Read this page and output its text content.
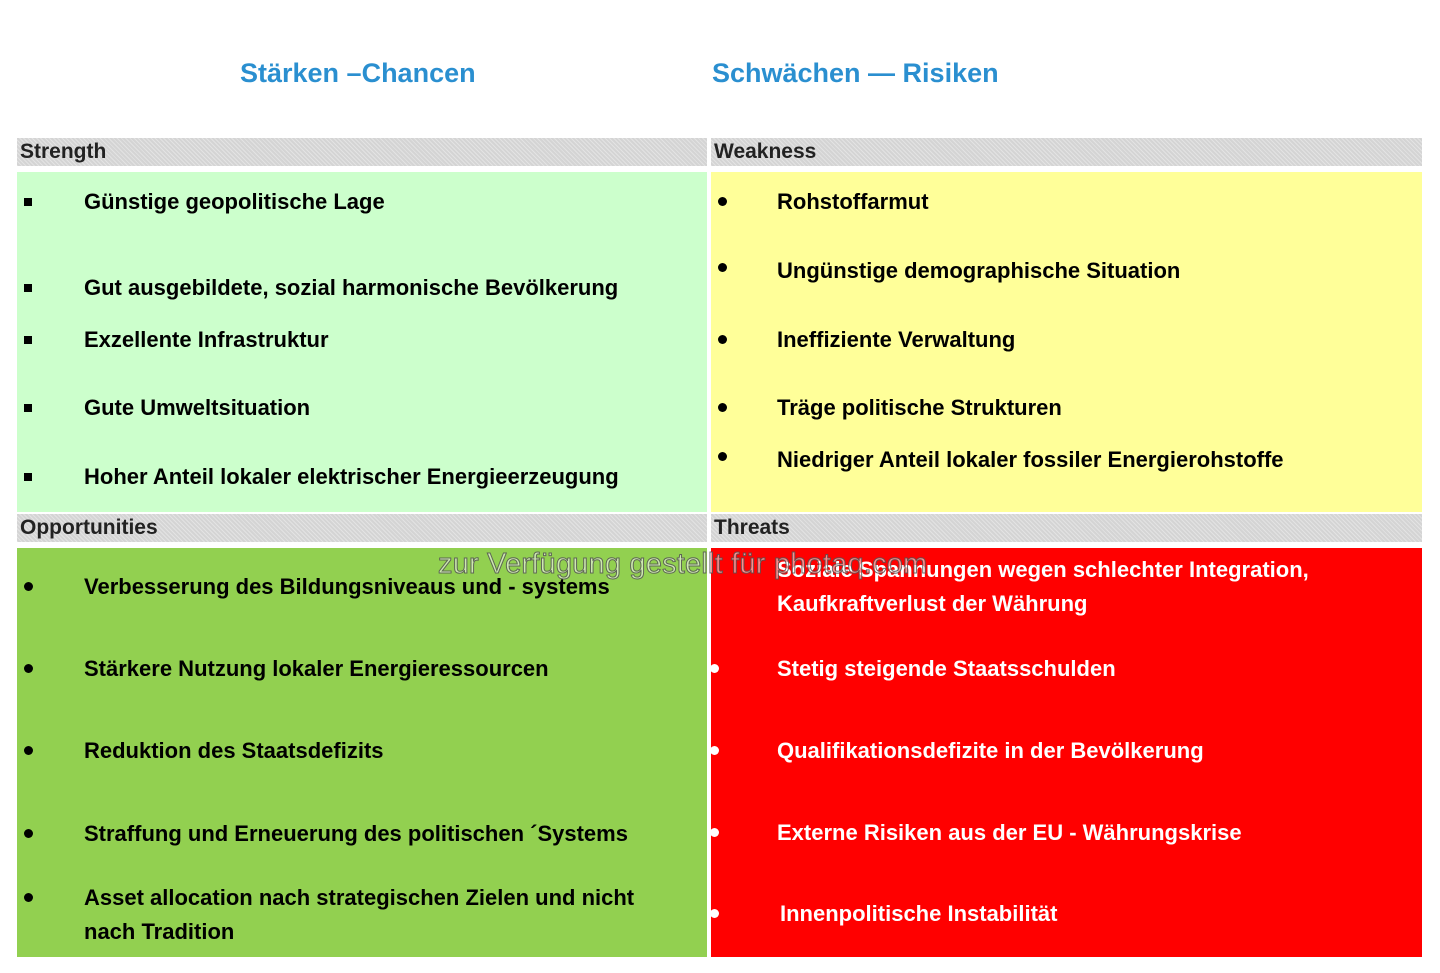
Stärken –Chancen	Schwächen — Risiken
Strength
Günstige geopolitische Lage
Gut ausgebildete, sozial harmonische Bevölkerung
Exzellente Infrastruktur
Gute Umweltsituation
Hoher Anteil lokaler elektrischer Energieerzeugung
Weakness
Rohstoffarmut
Ungünstige demographische Situation
Ineffiziente Verwaltung
Träge politische Strukturen
Niedriger Anteil lokaler fossiler Energierohstoffe
Opportunities
Verbesserung des Bildungsniveaus und - systems
Stärkere Nutzung lokaler Energieressourcen
Reduktion des Staatsdefizits
Straffung und Erneuerung des politischen ´Systems
Asset allocation nach strategischen Zielen und nicht
nach Tradition
Threats
Soziale Spannungen wegen schlechter Integration,
Kaufkraftverlust der Währung
Stetig steigende Staatsschulden
Qualifikationsdefizite in der Bevölkerung
Externe Risiken aus der EU - Währungskrise
Innenpolitische Instabilität
zur Verfügung gestellt für photaq.com
